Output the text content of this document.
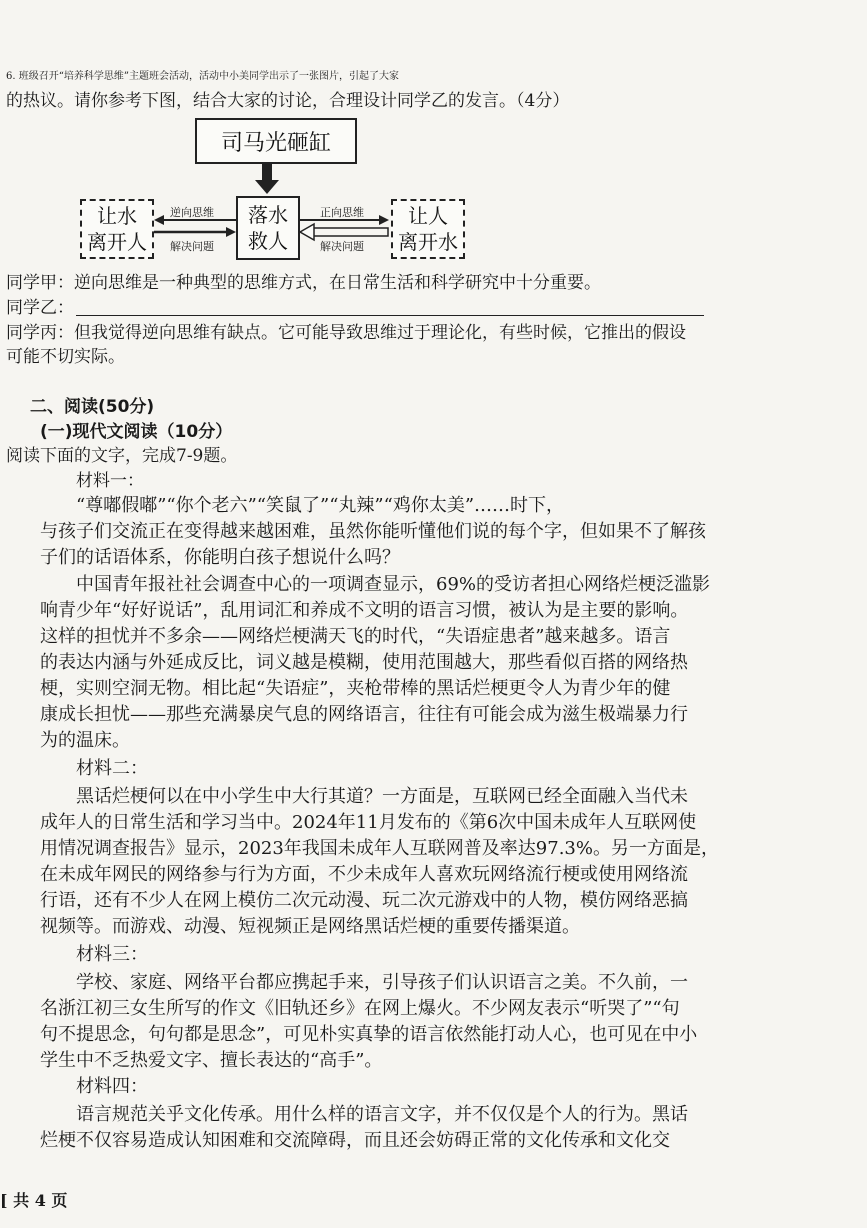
6. 班级召开“培养科学思维”主题班会活动，活动中小美同学出示了一张图片，引起了大家
的热议。请你参考下图，结合大家的讨论，合理设计同学乙的发言。（4分）
司马光砸缸
落水
救人
让水
离开人
让人
离开水
逆向思维
解决问题
正向思维
解决问题
同学甲：逆向思维是一种典型的思维方式，在日常生活和科学研究中十分重要。
同学乙：
同学丙：但我觉得逆向思维有缺点。它可能导致思维过于理论化，有些时候，它推出的假设
可能不切实际。
二、阅读(50分)
(一)现代文阅读（10分）
阅读下面的文字，完成7-9题。
材料一：
“尊嘟假嘟”“你个老六”“笑鼠了”“丸辣”“鸡你太美”……时下，
与孩子们交流正在变得越来越困难，虽然你能听懂他们说的每个字，但如果不了解孩
子们的话语体系，你能明白孩子想说什么吗？
中国青年报社社会调查中心的一项调查显示，69%的受访者担心网络烂梗泛滥影
响青少年“好好说话”，乱用词汇和养成不文明的语言习惯，被认为是主要的影响。
这样的担忧并不多余——网络烂梗满天飞的时代，“失语症患者”越来越多。语言
的表达内涵与外延成反比，词义越是模糊，使用范围越大，那些看似百搭的网络热
梗，实则空洞无物。相比起“失语症”，夹枪带棒的黑话烂梗更令人为青少年的健
康成长担忧——那些充满暴戾气息的网络语言，往往有可能会成为滋生极端暴力行
为的温床。
材料二：
黑话烂梗何以在中小学生中大行其道？一方面是，互联网已经全面融入当代未
成年人的日常生活和学习当中。2024年11月发布的《第6次中国未成年人互联网使
用情况调查报告》显示，2023年我国未成年人互联网普及率达97.3%。另一方面是，
在未成年网民的网络参与行为方面，不少未成年人喜欢玩网络流行梗或使用网络流
行语，还有不少人在网上模仿二次元动漫、玩二次元游戏中的人物，模仿网络恶搞
视频等。而游戏、动漫、短视频正是网络黑话烂梗的重要传播渠道。
材料三：
学校、家庭、网络平台都应携起手来，引导孩子们认识语言之美。不久前，一
名浙江初三女生所写的作文《旧轨还乡》在网上爆火。不少网友表示“听哭了”“句
句不提思念，句句都是思念”，可见朴实真挚的语言依然能打动人心，也可见在中小
学生中不乏热爱文字、擅长表达的“高手”。
材料四：
语言规范关乎文化传承。用什么样的语言文字，并不仅仅是个人的行为。黑话
烂梗不仅容易造成认知困难和交流障碍，而且还会妨碍正常的文化传承和文化交
[ 共 4 页
